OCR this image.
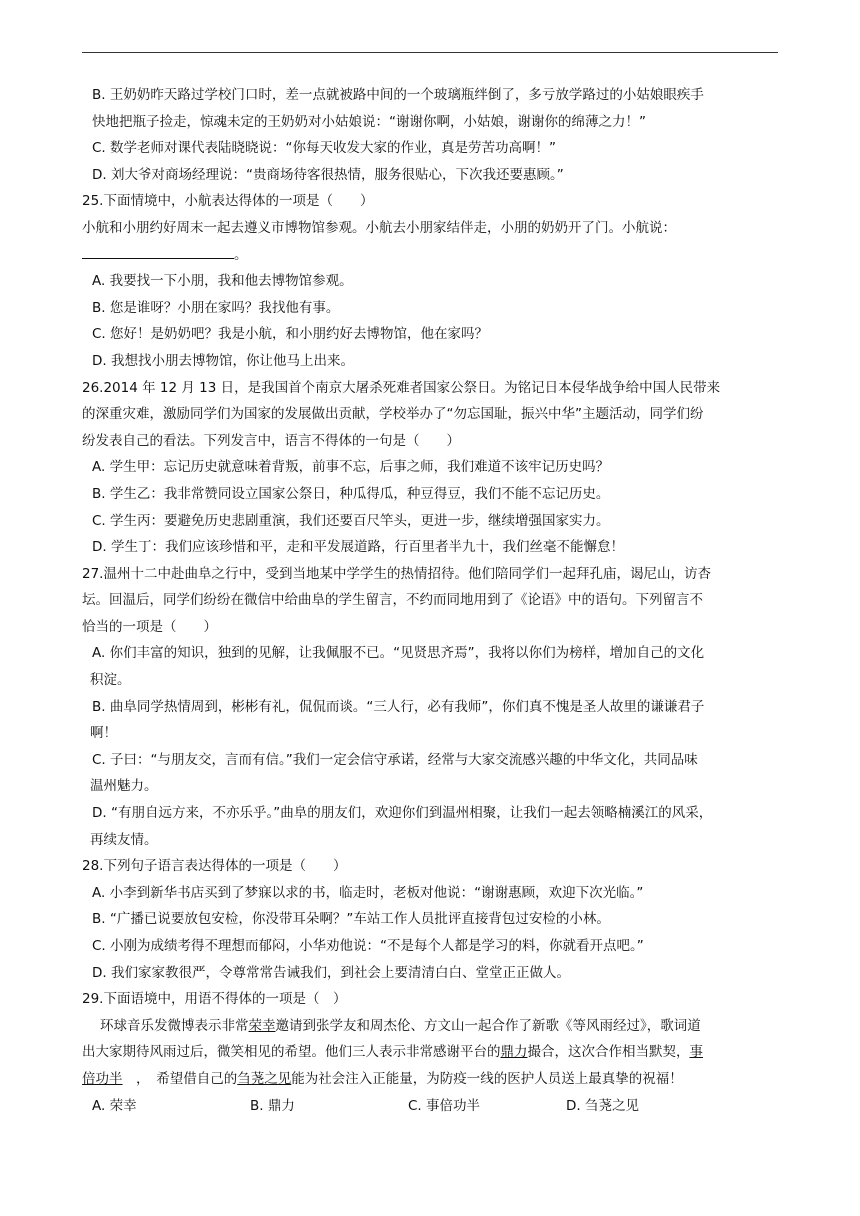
B. 王奶奶昨天路过学校门口时，差一点就被路中间的一个玻璃瓶绊倒了，多亏放学路过的小姑娘眼疾手
快地把瓶子捡走，惊魂未定的王奶奶对小姑娘说：“谢谢你啊，小姑娘，谢谢你的绵薄之力！”
C. 数学老师对课代表陆晓晓说：“你每天收发大家的作业，真是劳苦功高啊！”
D. 刘大爷对商场经理说：“贵商场待客很热情，服务很贴心，下次我还要惠顾。”
25.下面情境中，小航表达得体的一项是（　　）
小航和小朋约好周末一起去遵义市博物馆参观。小航去小朋家结伴走，小朋的奶奶开了门。小航说：
。
A. 我要找一下小朋，我和他去博物馆参观。
B. 您是谁呀？小朋在家吗？我找他有事。
C. 您好！是奶奶吧？我是小航，和小朋约好去博物馆，他在家吗？
D. 我想找小朋去博物馆，你让他马上出来。
26.2014 年 12 月 13 日，是我国首个南京大屠杀死难者国家公祭日。为铭记日本侵华战争给中国人民带来
的深重灾难，激励同学们为国家的发展做出贡献，学校举办了“勿忘国耻，振兴中华”主题活动，同学们纷
纷发表自己的看法。下列发言中，语言不得体的一句是（　　）
A. 学生甲：忘记历史就意味着背叛，前事不忘，后事之师，我们难道不该牢记历史吗？
B. 学生乙：我非常赞同设立国家公祭日，种瓜得瓜，种豆得豆，我们不能不忘记历史。
C. 学生丙：要避免历史悲剧重演，我们还要百尺竿头，更进一步，继续增强国家实力。
D. 学生丁：我们应该珍惜和平，走和平发展道路，行百里者半九十，我们丝毫不能懈怠！
27.温州十二中赴曲阜之行中，受到当地某中学学生的热情招待。他们陪同学们一起拜孔庙，谒尼山，访杏
坛。回温后，同学们纷纷在微信中给曲阜的学生留言，不约而同地用到了《论语》中的语句。下列留言不
恰当的一项是（　　）
A. 你们丰富的知识，独到的见解，让我佩服不已。“见贤思齐焉”，我将以你们为榜样，增加自己的文化
积淀。
B. 曲阜同学热情周到，彬彬有礼，侃侃而谈。“三人行，必有我师”，你们真不愧是圣人故里的谦谦君子
啊！
C. 子曰：“与朋友交，言而有信。”我们一定会信守承诺，经常与大家交流感兴趣的中华文化，共同品味
温州魅力。
D. “有朋自远方来，不亦乐乎。”曲阜的朋友们，欢迎你们到温州相聚，让我们一起去领略楠溪江的风采，
再续友情。
28.下列句子语言表达得体的一项是（　　）
A. 小李到新华书店买到了梦寐以求的书，临走时，老板对他说：“谢谢惠顾，欢迎下次光临。”
B. “广播已说要放包安检，你没带耳朵啊？”车站工作人员批评直接背包过安检的小林。
C. 小刚为成绩考得不理想而郁闷，小华劝他说：“不是每个人都是学习的料，你就看开点吧。”
D. 我们家家教很严，令尊常常告诫我们，到社会上要清清白白、堂堂正正做人。
29.下面语境中，用语不得体的一项是（　）
环球音乐发微博表示非常荣幸邀请到张学友和周杰伦、方文山一起合作了新歌《等风雨经过》，歌词道
出大家期待风雨过后，微笑相见的希望。他们三人表示非常感谢平台的鼎力撮合，这次合作相当默契，事
倍功半　，　希望借自己的刍荛之见能为社会注入正能量，为防疫一线的医护人员送上最真挚的祝福！
A. 荣幸	B. 鼎力	C. 事倍功半	D. 刍荛之见
